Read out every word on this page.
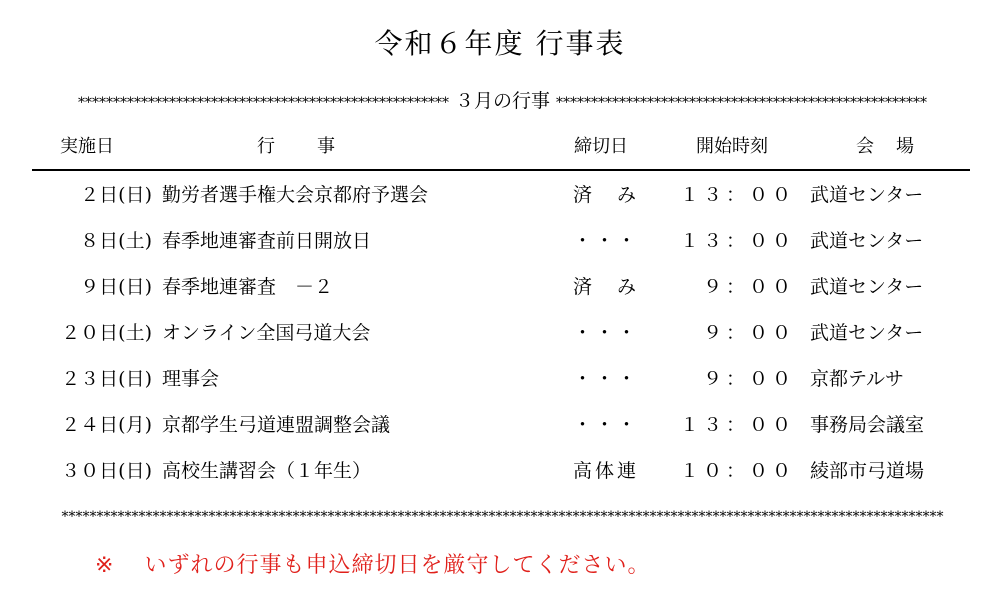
令和６年度 行事表
***************************************************** ３月の行事 *****************************************************
実施日	行事	締切日	開始時刻	会場
２日(日) 勤労者選手権大会京都府予選会	済　み	１３：００ 武道センター
８日(土) 春季地連審査前日開放日	・・・	１３：００ 武道センター
９日(日) 春季地連審査　－２	済　み	９：００ 武道センター
２０日(土) オンライン全国弓道大会	・・・	９：００ 武道センター
２３日(日) 理事会	・・・	９：００ 京都テルサ
２４日(月) 京都学生弓道連盟調整会議	・・・	１３：００ 事務局会議室
３０日(日) 高校生講習会（１年生）	高体連	１０：００ 綾部市弓道場
******************************************************************************************************************************
※ いずれの行事も申込締切日を厳守してください。
